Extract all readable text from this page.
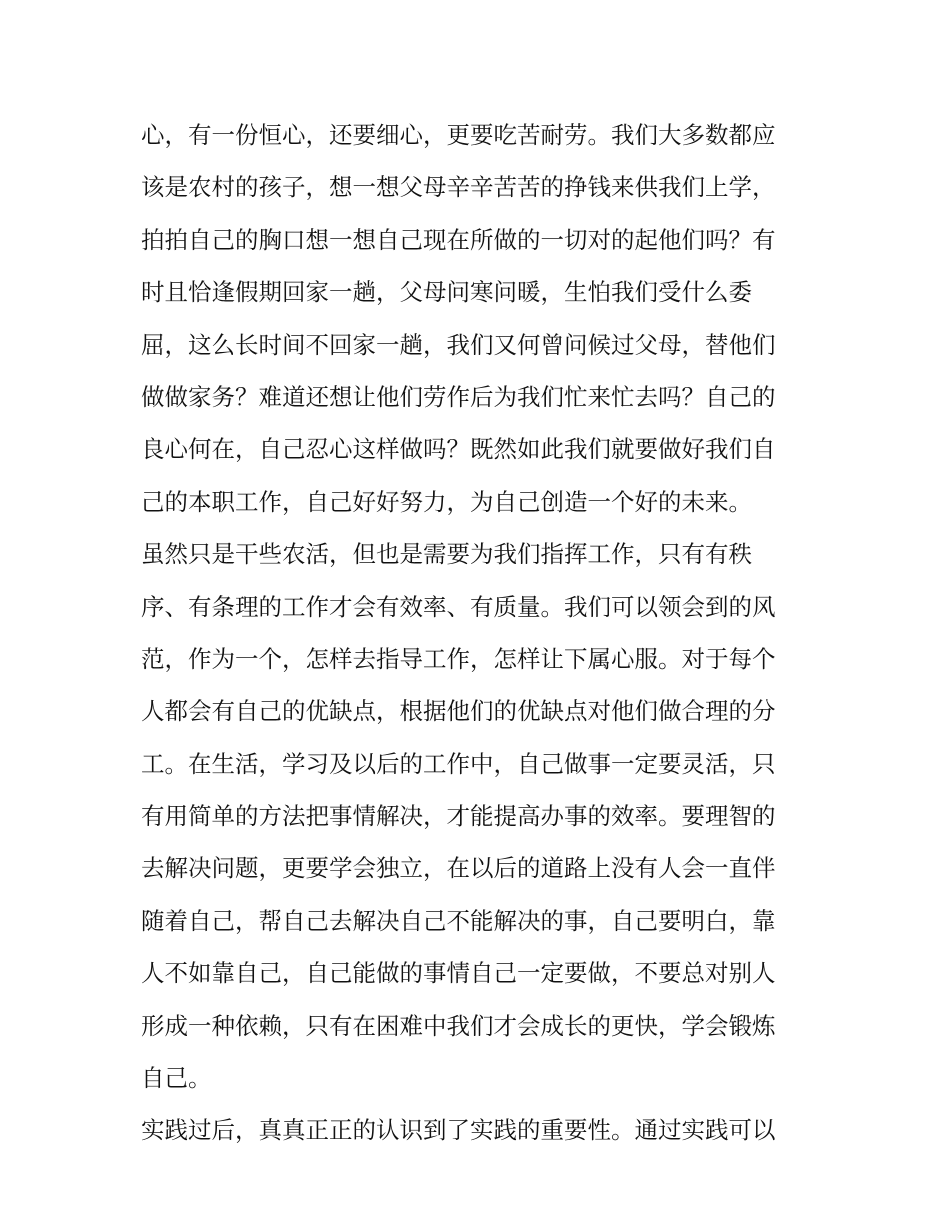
心，有一份恒心，还要细心，更要吃苦耐劳。我们大多数都应
该是农村的孩子，想一想父母辛辛苦苦的挣钱来供我们上学，
拍拍自己的胸口想一想自己现在所做的一切对的起他们吗？有
时且恰逢假期回家一趟，父母问寒问暖，生怕我们受什么委
屈，这么长时间不回家一趟，我们又何曾问候过父母，替他们
做做家务？难道还想让他们劳作后为我们忙来忙去吗？自己的
良心何在，自己忍心这样做吗？既然如此我们就要做好我们自
己的本职工作，自己好好努力，为自己创造一个好的未来。
虽然只是干些农活，但也是需要为我们指挥工作，只有有秩
序、有条理的工作才会有效率、有质量。我们可以领会到的风
范，作为一个，怎样去指导工作，怎样让下属心服。对于每个
人都会有自己的优缺点，根据他们的优缺点对他们做合理的分
工。在生活，学习及以后的工作中，自己做事一定要灵活，只
有用简单的方法把事情解决，才能提高办事的效率。要理智的
去解决问题，更要学会独立，在以后的道路上没有人会一直伴
随着自己，帮自己去解决自己不能解决的事，自己要明白，靠
人不如靠自己，自己能做的事情自己一定要做，不要总对别人
形成一种依赖，只有在困难中我们才会成长的更快，学会锻炼
自己。
实践过后，真真正正的认识到了实践的重要性。通过实践可以
